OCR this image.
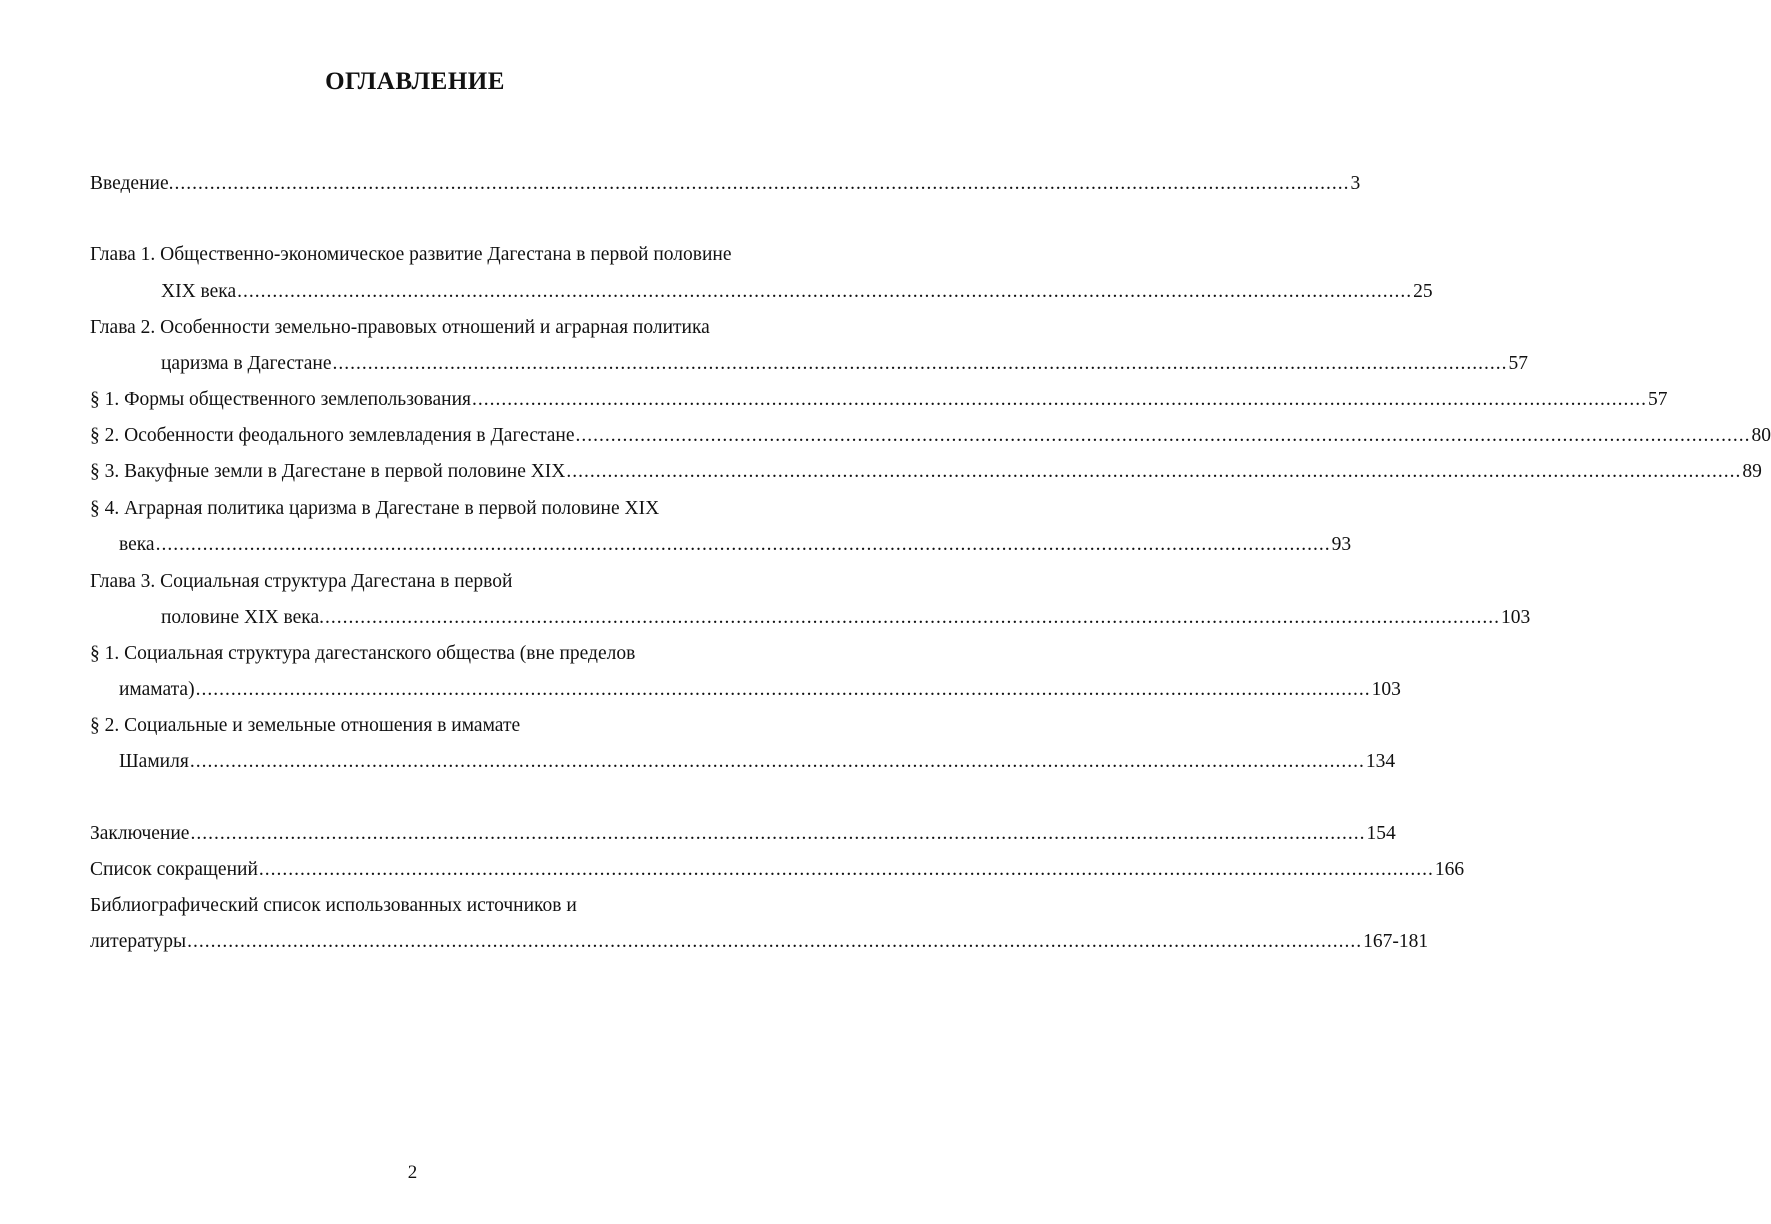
ОГЛАВЛЕНИЕ
Введение. ........................................................................................................................................................................................................ 3
Глава 1. Общественно-экономическое развитие Дагестана в первой половине
XIX века ........................................................................................................................................................................................................ 25
Глава 2. Особенности земельно-правовых отношений и аграрная политика
царизма в Дагестане ........................................................................................................................................................................................................ 57
§ 1. Формы общественного землепользования ........................................................................................................................................................................................................ 57
§ 2. Особенности феодального землевладения в Дагестане ........................................................................................................................................................................................................ 80
§ 3. Вакуфные земли в Дагестане в первой половине XIX ........................................................................................................................................................................................................ 89
§ 4. Аграрная политика царизма в Дагестане в первой половине XIX
века ........................................................................................................................................................................................................ 93
Глава 3. Социальная структура Дагестана в первой
половине XIX века. ........................................................................................................................................................................................................ 103
§ 1. Социальная структура дагестанского общества (вне пределов
имамата) ........................................................................................................................................................................................................ 103
§ 2. Социальные и земельные отношения в имамате
Шамиля ........................................................................................................................................................................................................ 134
Заключение ........................................................................................................................................................................................................ 154
Список сокращений ........................................................................................................................................................................................................ 166
Библиографический список использованных источников и
литературы ........................................................................................................................................................................................................ 167-181
2
